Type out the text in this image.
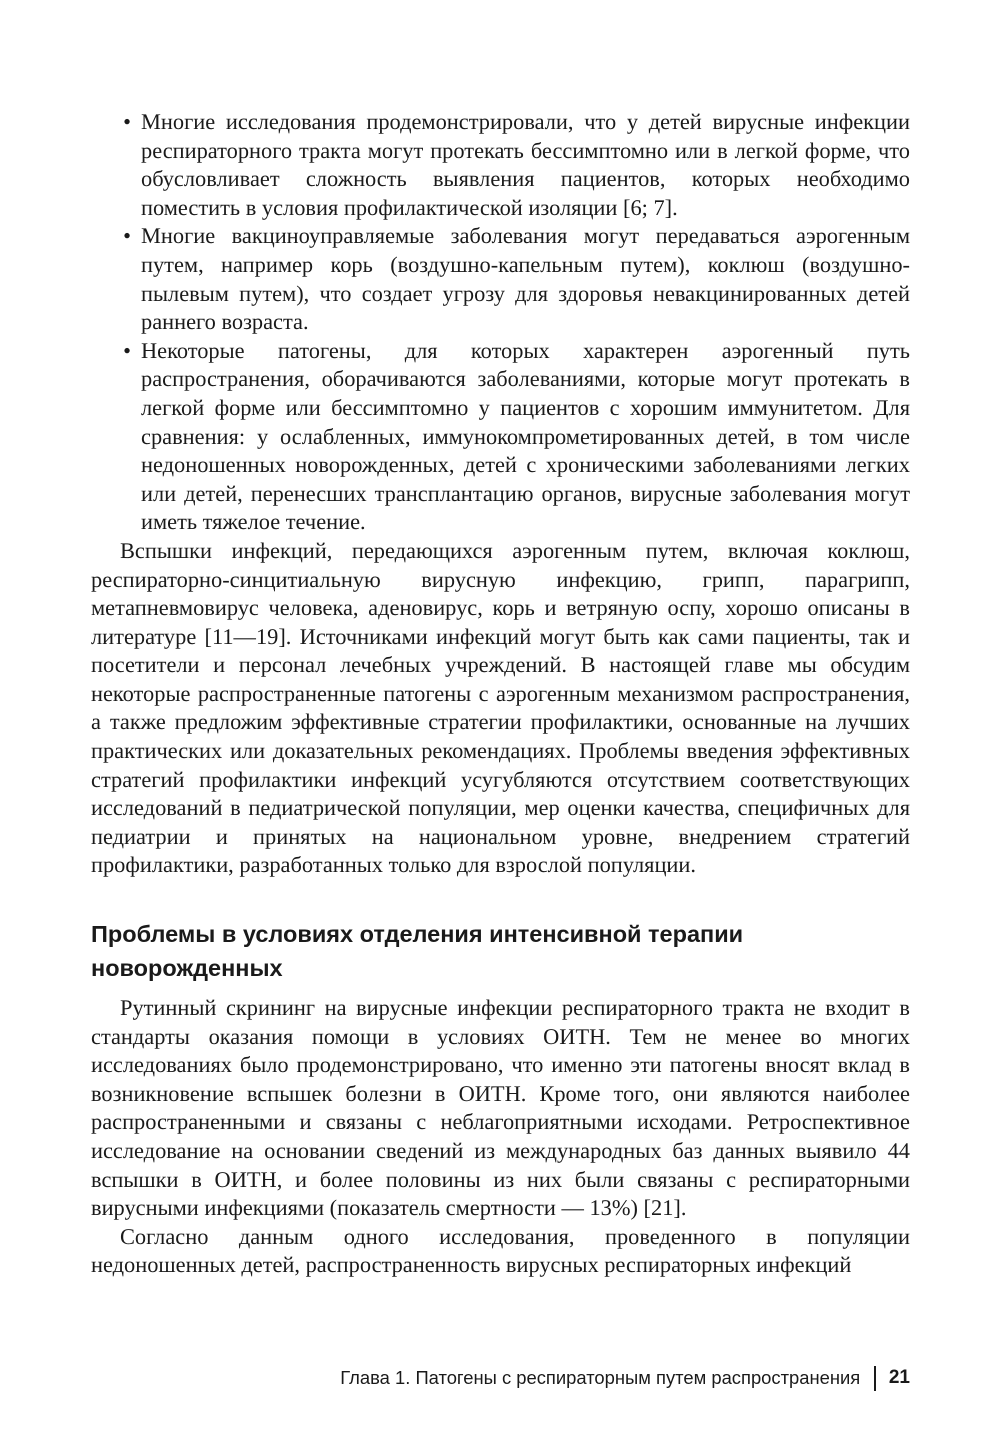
• Многие исследования продемонстрировали, что у детей вирусные инфекции респираторного тракта могут протекать бессимптомно или в легкой форме, что обусловливает сложность выявления пациентов, которых необходимо поместить в условия профилактической изоляции [6; 7].
• Многие вакциноуправляемые заболевания могут передаваться аэрогенным путем, например корь (воздушно-капельным путем), коклюш (воздушно-пылевым путем), что создает угрозу для здоровья невакцинированных детей раннего возраста.
• Некоторые патогены, для которых характерен аэрогенный путь распространения, оборачиваются заболеваниями, которые могут протекать в легкой форме или бессимптомно у пациентов с хорошим иммунитетом. Для сравнения: у ослабленных, иммунокомпрометированных детей, в том числе недоношенных новорожденных, детей с хроническими заболеваниями легких или детей, перенесших трансплантацию органов, вирусные заболевания могут иметь тяжелое течение.

Вспышки инфекций, передающихся аэрогенным путем, включая коклюш, респираторно-синцитиальную вирусную инфекцию, грипп, парагрипп, метапневмовирус человека, аденовирус, корь и ветряную оспу, хорошо описаны в литературе [11—19]. Источниками инфекций могут быть как сами пациенты, так и посетители и персонал лечебных учреждений. В настоящей главе мы обсудим некоторые распространенные патогены с аэрогенным механизмом распространения, а также предложим эффективные стратегии профилактики, основанные на лучших практических или доказательных рекомендациях. Проблемы введения эффективных стратегий профилактики инфекций усугубляются отсутствием соответствующих исследований в педиатрической популяции, мер оценки качества, специфичных для педиатрии и принятых на национальном уровне, внедрением стратегий профилактики, разработанных только для взрослой популяции.

Проблемы в условиях отделения интенсивной терапии новорожденных

Рутинный скрининг на вирусные инфекции респираторного тракта не входит в стандарты оказания помощи в условиях ОИТН. Тем не менее во многих исследованиях было продемонстрировано, что именно эти патогены вносят вклад в возникновение вспышек болезни в ОИТН. Кроме того, они являются наиболее распространенными и связаны с неблагоприятными исходами. Ретроспективное исследование на основании сведений из международных баз данных выявило 44 вспышки в ОИТН, и более половины из них были связаны с респираторными вирусными инфекциями (показатель смертности — 13%) [21].

Согласно данным одного исследования, проведенного в популяции недоношенных детей, распространенность вирусных респираторных инфекций

Глава 1. Патогены с респираторным путем распространения 21
